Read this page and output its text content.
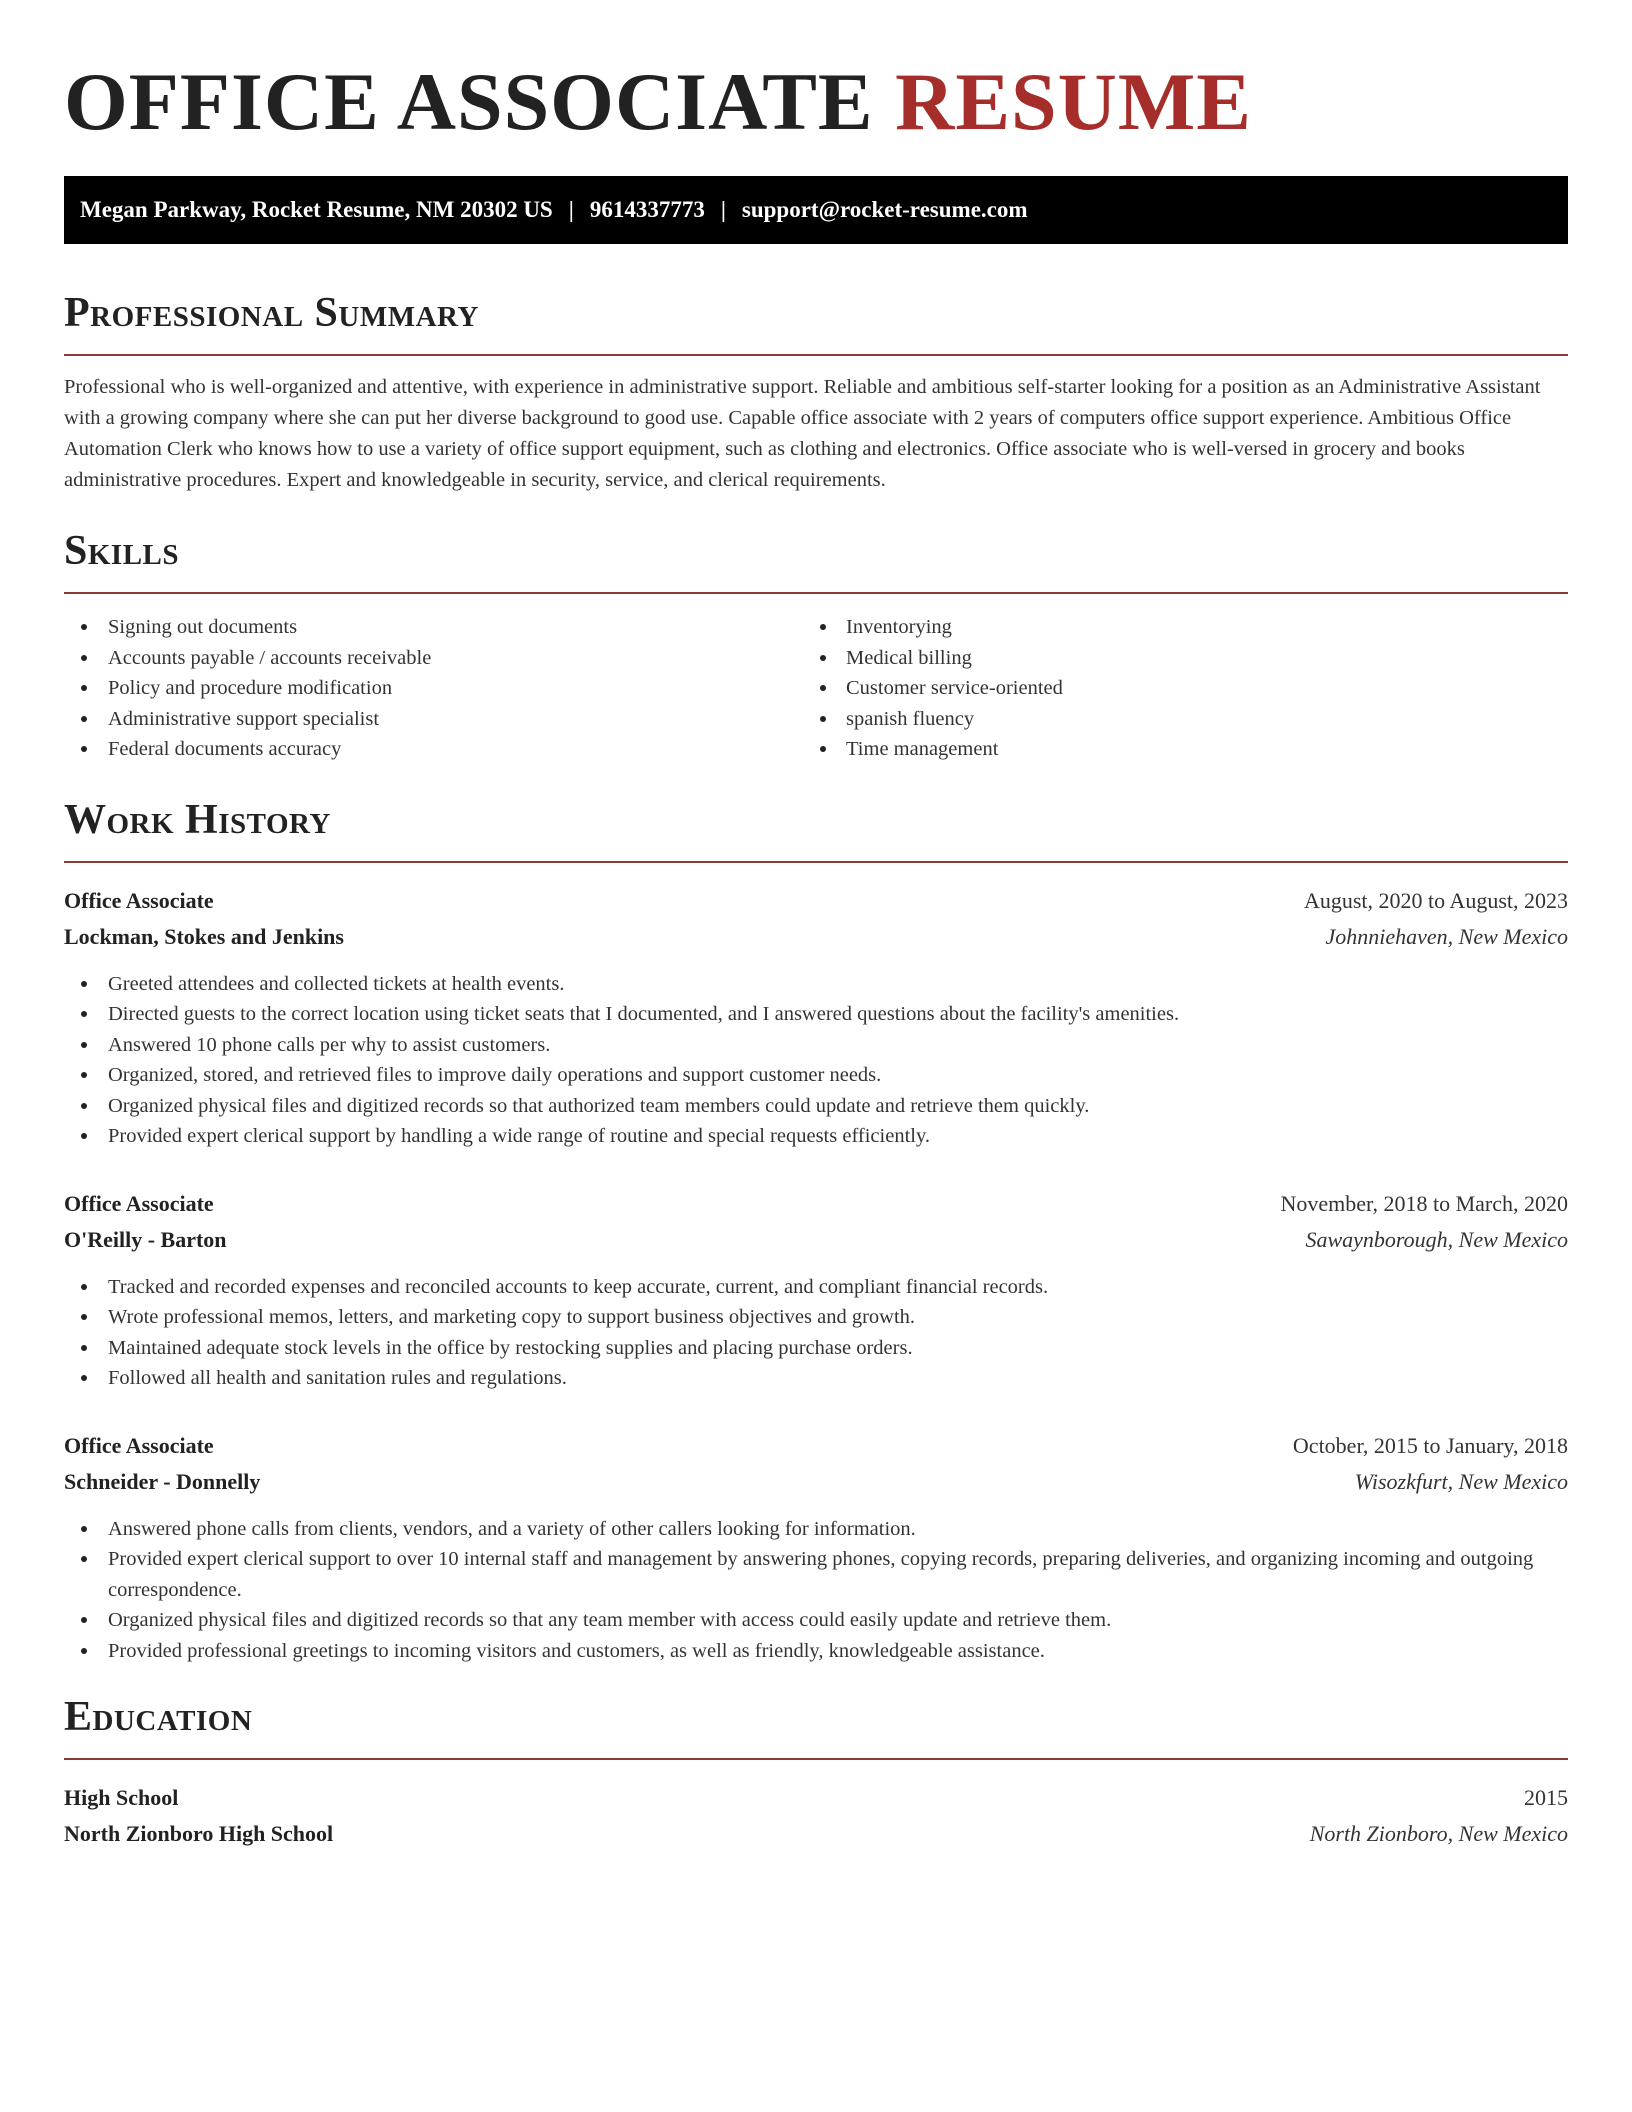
OFFICE ASSOCIATE RESUME
Megan Parkway, Rocket Resume, NM 20302 US | 9614337773 | support@rocket-resume.com
Professional Summary

Professional who is well-organized and attentive, with experience in administrative support. Reliable and ambitious self-starter looking for a position as an Administrative Assistant with a growing company where she can put her diverse background to good use. Capable office associate with 2 years of computers office support experience. Ambitious Office Automation Clerk who knows how to use a variety of office support equipment, such as clothing and electronics. Office associate who is well-versed in grocery and books administrative procedures. Expert and knowledgeable in security, service, and clerical requirements.

Skills
Signing out documents
Accounts payable / accounts receivable
Policy and procedure modification
Administrative support specialist
Federal documents accuracy
Inventorying
Medical billing
Customer service-oriented
spanish fluency
Time management
Work History
Office Associate	August, 2020 to August, 2023
Lockman, Stokes and Jenkins	Johnniehaven, New Mexico
Greeted attendees and collected tickets at health events.
Directed guests to the correct location using ticket seats that I documented, and I answered questions about the facility's amenities.
Answered 10 phone calls per why to assist customers.
Organized, stored, and retrieved files to improve daily operations and support customer needs.
Organized physical files and digitized records so that authorized team members could update and retrieve them quickly.
Provided expert clerical support by handling a wide range of routine and special requests efficiently.
Office Associate	November, 2018 to March, 2020
O'Reilly - Barton	Sawaynborough, New Mexico
Tracked and recorded expenses and reconciled accounts to keep accurate, current, and compliant financial records.
Wrote professional memos, letters, and marketing copy to support business objectives and growth.
Maintained adequate stock levels in the office by restocking supplies and placing purchase orders.
Followed all health and sanitation rules and regulations.
Office Associate	October, 2015 to January, 2018
Schneider - Donnelly	Wisozkfurt, New Mexico
Answered phone calls from clients, vendors, and a variety of other callers looking for information.
Provided expert clerical support to over 10 internal staff and management by answering phones, copying records, preparing deliveries, and organizing incoming and outgoing correspondence.
Organized physical files and digitized records so that any team member with access could easily update and retrieve them.
Provided professional greetings to incoming visitors and customers, as well as friendly, knowledgeable assistance.
Education
High School	2015
North Zionboro High School	North Zionboro, New Mexico
